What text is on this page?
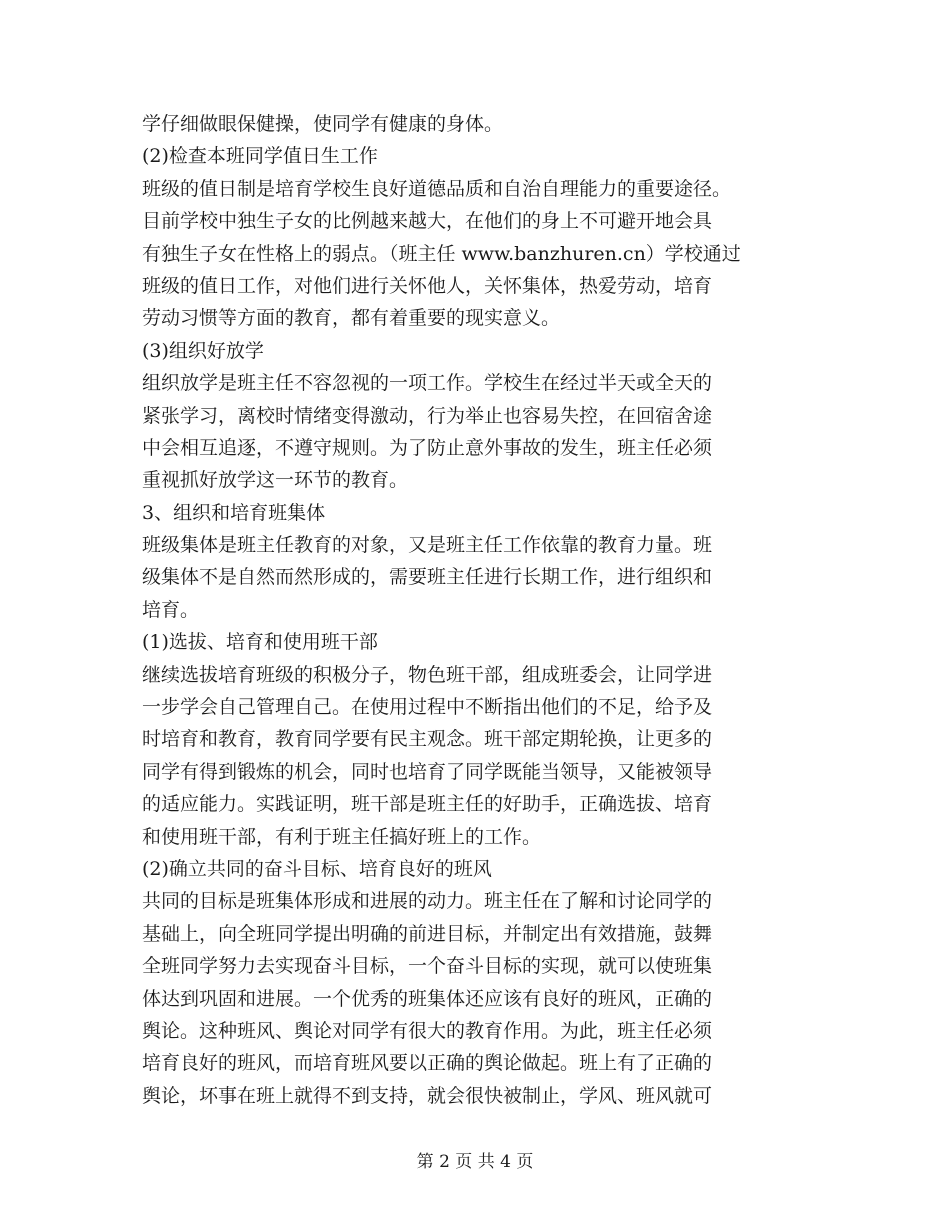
学仔细做眼保健操，使同学有健康的身体。
(2)检查本班同学值日生工作
班级的值日制是培育学校生良好道德品质和自治自理能力的重要途径。
目前学校中独生子女的比例越来越大，在他们的身上不可避开地会具
有独生子女在性格上的弱点。（班主任 www.banzhuren.cn）学校通过
班级的值日工作，对他们进行关怀他人，关怀集体，热爱劳动，培育
劳动习惯等方面的教育，都有着重要的现实意义。
(3)组织好放学
组织放学是班主任不容忽视的一项工作。学校生在经过半天或全天的
紧张学习，离校时情绪变得激动，行为举止也容易失控，在回宿舍途
中会相互追逐，不遵守规则。为了防止意外事故的发生，班主任必须
重视抓好放学这一环节的教育。
3、组织和培育班集体
班级集体是班主任教育的对象，又是班主任工作依靠的教育力量。班
级集体不是自然而然形成的，需要班主任进行长期工作，进行组织和
培育。
(1)选拔、培育和使用班干部
继续选拔培育班级的积极分子，物色班干部，组成班委会，让同学进
一步学会自己管理自己。在使用过程中不断指出他们的不足，给予及
时培育和教育，教育同学要有民主观念。班干部定期轮换，让更多的
同学有得到锻炼的机会，同时也培育了同学既能当领导，又能被领导
的适应能力。实践证明，班干部是班主任的好助手，正确选拔、培育
和使用班干部，有利于班主任搞好班上的工作。
(2)确立共同的奋斗目标、培育良好的班风
共同的目标是班集体形成和进展的动力。班主任在了解和讨论同学的
基础上，向全班同学提出明确的前进目标，并制定出有效措施，鼓舞
全班同学努力去实现奋斗目标，一个奋斗目标的实现，就可以使班集
体达到巩固和进展。一个优秀的班集体还应该有良好的班风，正确的
舆论。这种班风、舆论对同学有很大的教育作用。为此，班主任必须
培育良好的班风，而培育班风要以正确的舆论做起。班上有了正确的
舆论，坏事在班上就得不到支持，就会很快被制止，学风、班风就可
第 2 页 共 4 页
